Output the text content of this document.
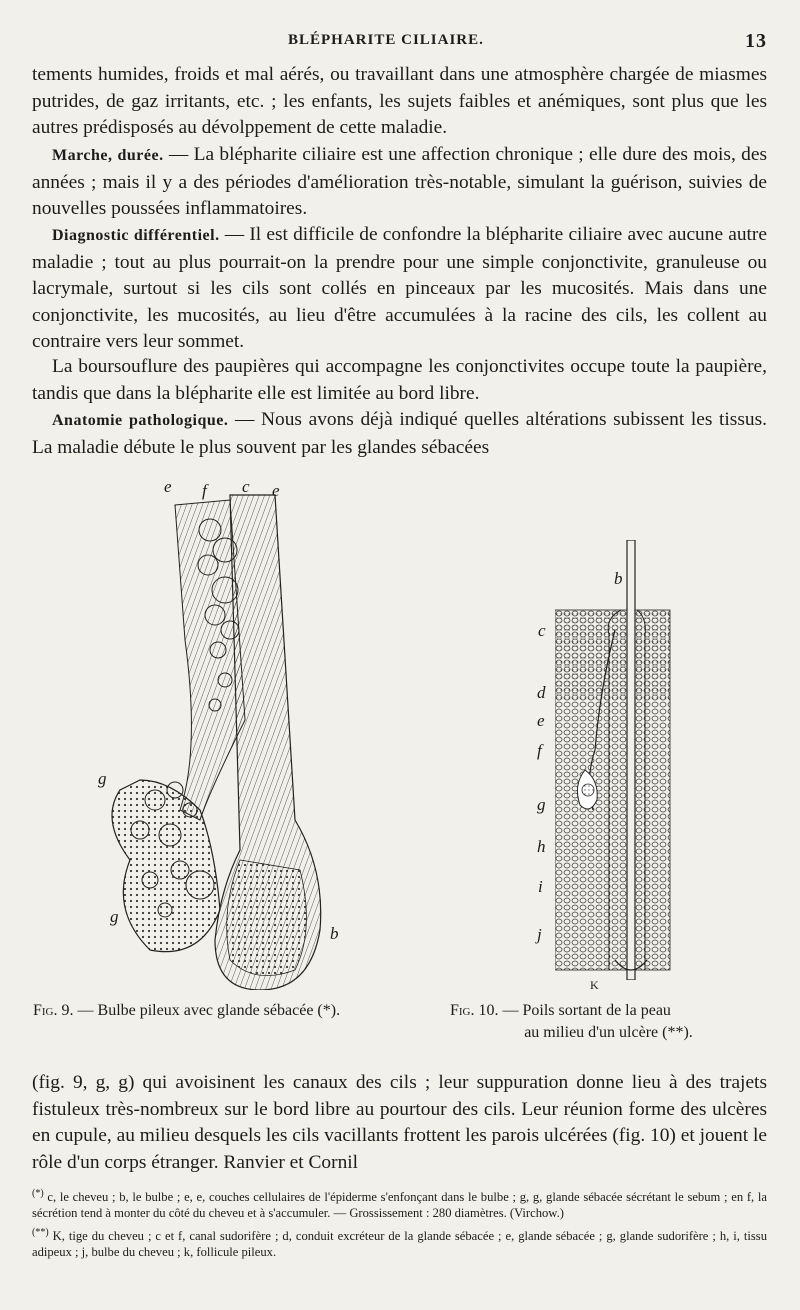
BLÉPHARITE CILIAIRE.	13

tements humides, froids et mal aérés, ou travaillant dans une atmosphère chargée de miasmes putrides, de gaz irritants, etc. ; les enfants, les sujets faibles et anémiques, sont plus que les autres prédisposés au dévolppement de cette maladie.

Marche, durée. — La blépharite ciliaire est une affection chronique ; elle dure des mois, des années ; mais il y a des périodes d'amélioration très-notable, simulant la guérison, suivies de nouvelles poussées inflammatoires.

Diagnostic différentiel. — Il est difficile de confondre la blépharite ciliaire avec aucune autre maladie ; tout au plus pourrait-on la prendre pour une simple conjonctivite, granuleuse ou lacrymale, surtout si les cils sont collés en pinceaux par les mucosités. Mais dans une conjonctivite, les mucosités, au lieu d'être accumulées à la racine des cils, les collent au contraire vers leur sommet.

La boursouflure des paupières qui accompagne les conjonctivites occupe toute la paupière, tandis que dans la blépharite elle est limitée au bord libre.

Anatomie pathologique. — Nous avons déjà indiqué quelles altérations subissent les tissus. La maladie débute le plus souvent par les glandes sébacées

e f c e
g
g
b
b
c
d
e
f
g
h
i
j
K
Fig. 9. — Bulbe pileux avec glande sébacée (*).	Fig. 10. — Poils sortant de la peau
au milieu d'un ulcère (**).

(fig. 9, g, g) qui avoisinent les canaux des cils ; leur suppuration donne lieu à des trajets fistuleux très-nombreux sur le bord libre au pourtour des cils. Leur réunion forme des ulcères en cupule, au milieu desquels les cils vacillants frottent les parois ulcérées (fig. 10) et jouent le rôle d'un corps étranger. Ranvier et Cornil

(*) c, le cheveu ; b, le bulbe ; e, e, couches cellulaires de l'épiderme s'enfonçant dans le bulbe ; g, g, glande sébacée sécrétant le sebum ; en f, la sécrétion tend à monter du côté du cheveu et à s'accumuler. — Grossissement : 280 diamètres. (Virchow.)

(**) K, tige du cheveu ; c et f, canal sudorifère ; d, conduit excréteur de la glande sébacée ; e, glande sébacée ; g, glande sudorifère ; h, i, tissu adipeux ; j, bulbe du cheveu ; k, follicule pileux.
